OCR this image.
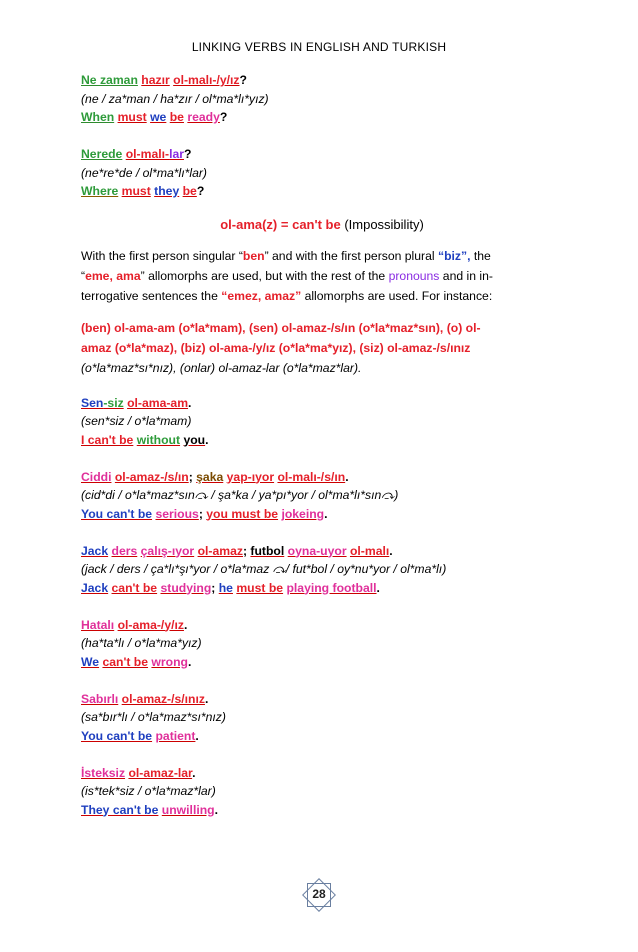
LINKING VERBS IN ENGLISH AND TURKISH
Ne zaman hazır ol-malı-/y/ız?
(ne / za*man / ha*zır / ol*ma*lı*yız)
When must we be ready?
Nerede ol-malı-lar?
(ne*re*de / ol*ma*lı*lar)
Where must they be?
ol-ama(z) = can't be (Impossibility)

With the first person singular “ben” and with the first person plural “biz”, the

“eme, ama” allomorphs are used, but with the rest of the pronouns and in in-

terrogative sentences the “emez, amaz” allomorphs are used. For instance:

(ben) ol-ama-am (o*la*mam), (sen) ol-amaz-/s/ın (o*la*maz*sın), (o) ol-

amaz (o*la*maz), (biz) ol-ama-/y/ız (o*la*ma*yız), (siz) ol-amaz-/s/ınız

(o*la*maz*sı*nız), (onlar) ol-amaz-lar (o*la*maz*lar).

Sen-siz ol-ama-am.
(sen*siz / o*la*mam)
I can't be without you.
Ciddi ol-amaz-/s/ın; şaka yap-ıyor ol-malı-/s/ın.
(cid*di / o*la*maz*sın⤼ / şa*ka / ya*pı*yor / ol*ma*lı*sın⤼)
You can't be serious; you must be jokeing.
Jack ders çalış-ıyor ol-amaz; futbol oyna-uyor ol-malı.
(jack / ders / ça*lı*şı*yor / o*la*maz ⤼/ fut*bol / oy*nu*yor / ol*ma*lı)
Jack can't be studying; he must be playing football.
Hatalı ol-ama-/y/ız.
(ha*ta*lı / o*la*ma*yız)
We can't be wrong.
Sabırlı ol-amaz-/s/ınız.
(sa*bır*lı / o*la*maz*sı*nız)
You can't be patient.
İsteksiz ol-amaz-lar.
(is*tek*siz / o*la*maz*lar)
They can't be unwilling.
28
